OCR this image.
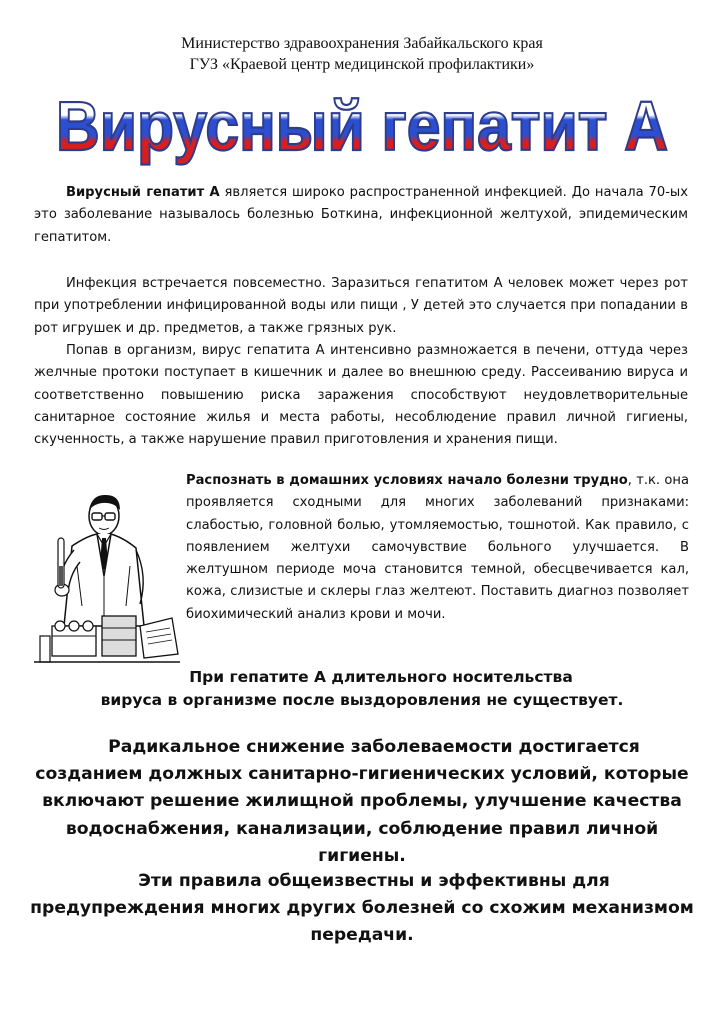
Министерство здравоохранения Забайкальского края
ГУЗ «Краевой центр медицинской профилактики»
Вирусный гепатит А

Вирусный гепатит А является широко распространенной инфекцией. До начала 70-ых это заболевание называлось болезнью Боткина, инфекционной желтухой, эпидемическим гепатитом.

Инфекция встречается повсеместно. Заразиться гепатитом А человек может через рот при употреблении инфицированной воды или пищи , У детей это случается при попадании в рот игрушек и др. предметов, а также грязных рук.

Попав в организм, вирус гепатита А интенсивно размножается в печени, оттуда через желчные протоки поступает в кишечник и далее во внешнюю среду. Рассеиванию вируса и соответственно повышению риска заражения способствуют неудовлетворительные санитарное состояние жилья и места работы, несоблюдение правил личной гигиены, скученность, а также нарушение правил приготовления и хранения пищи.

Распознать в домашних условиях начало болезни трудно, т.к. она проявляется сходными для многих заболеваний признаками: слабостью, головной болью, утомляемостью, тошнотой. Как правило, с появлением желтухи самочувствие больного улучшается. В желтушном периоде моча становится темной, обесцвечивается кал, кожа, слизистые и склеры глаз желтеют. Поставить диагноз позволяет биохимический анализ крови и мочи.

При гепатите А длительного носительства
вируса в организме после выздоровления не существует.

Радикальное снижение заболеваемости достигается созданием должных санитарно-гигиенических условий, которые включают решение жилищной проблемы, улучшение качества водоснабжения, канализации, соблюдение правил личной гигиены.

Эти правила общеизвестны и эффективны для предупреждения многих других болезней со схожим механизмом передачи.
